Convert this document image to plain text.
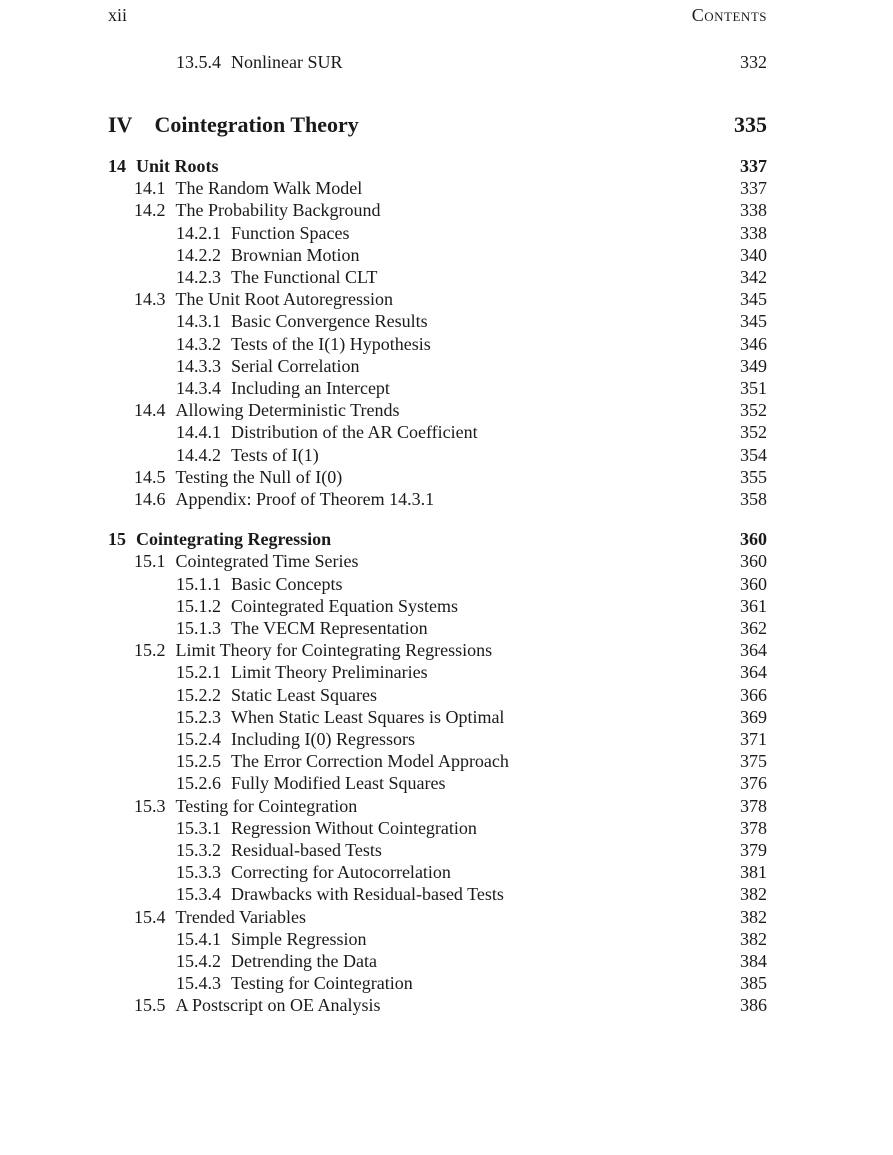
xii	Contents
13.5.4 Nonlinear SUR	332
IV Cointegration Theory	335
14 Unit Roots	337
14.1 The Random Walk Model	337
14.2 The Probability Background	338
14.2.1 Function Spaces	338
14.2.2 Brownian Motion	340
14.2.3 The Functional CLT	342
14.3 The Unit Root Autoregression	345
14.3.1 Basic Convergence Results	345
14.3.2 Tests of the I(1) Hypothesis	346
14.3.3 Serial Correlation	349
14.3.4 Including an Intercept	351
14.4 Allowing Deterministic Trends	352
14.4.1 Distribution of the AR Coefficient	352
14.4.2 Tests of I(1)	354
14.5 Testing the Null of I(0)	355
14.6 Appendix: Proof of Theorem 14.3.1	358
15 Cointegrating Regression	360
15.1 Cointegrated Time Series	360
15.1.1 Basic Concepts	360
15.1.2 Cointegrated Equation Systems	361
15.1.3 The VECM Representation	362
15.2 Limit Theory for Cointegrating Regressions	364
15.2.1 Limit Theory Preliminaries	364
15.2.2 Static Least Squares	366
15.2.3 When Static Least Squares is Optimal	369
15.2.4 Including I(0) Regressors	371
15.2.5 The Error Correction Model Approach	375
15.2.6 Fully Modified Least Squares	376
15.3 Testing for Cointegration	378
15.3.1 Regression Without Cointegration	378
15.3.2 Residual-based Tests	379
15.3.3 Correcting for Autocorrelation	381
15.3.4 Drawbacks with Residual-based Tests	382
15.4 Trended Variables	382
15.4.1 Simple Regression	382
15.4.2 Detrending the Data	384
15.4.3 Testing for Cointegration	385
15.5 A Postscript on OE Analysis	386
